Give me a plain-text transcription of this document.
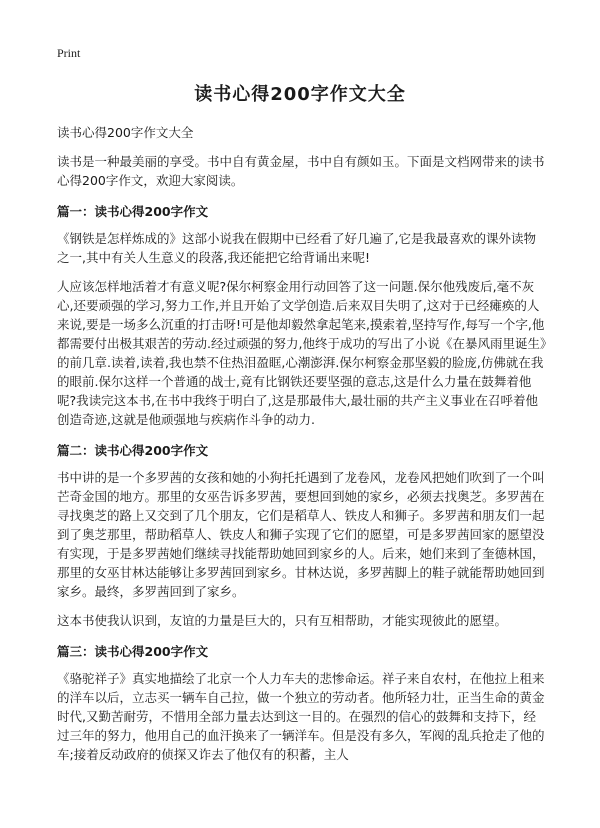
Print
读书心得200字作文大全

读书心得200字作文大全

读书是一种最美丽的享受。书中自有黄金屋，书中自有颜如玉。下面是文档网带来的读书心得200字作文，欢迎大家阅读。

篇一：读书心得200字作文

《钢铁是怎样炼成的》这部小说我在假期中已经看了好几遍了,它是我最喜欢的课外读物之一,其中有关人生意义的段落,我还能把它给背诵出来呢!

人应该怎样地活着才有意义呢?保尔柯察金用行动回答了这一问题.保尔他残废后,毫不灰心,还要顽强的学习,努力工作,并且开始了文学创造.后来双目失明了,这对于已经瘫痪的人来说,要是一场多么沉重的打击呀!可是他却毅然拿起笔来,摸索着,坚持写作,每写一个字,他都需要付出极其艰苦的劳动.经过顽强的努力,他终于成功的写出了小说《在暴风雨里诞生》的前几章.读着,读着,我也禁不住热泪盈眶,心潮澎湃.保尔柯察金那坚毅的脸庞,仿佛就在我的眼前.保尔这样一个普通的战士,竟有比钢铁还要坚强的意志,这是什么力量在鼓舞着他呢?我读完这本书,在书中我终于明白了,这是那最伟大,最壮丽的共产主义事业在召呼着他创造奇迹,这就是他顽强地与疾病作斗争的动力.

篇二：读书心得200字作文

书中讲的是一个多罗茜的女孩和她的小狗托托遇到了龙卷风，龙卷风把她们吹到了一个叫芒奇金国的地方。那里的女巫告诉多罗茜，要想回到她的家乡，必须去找奥芝。多罗茜在寻找奥芝的路上又交到了几个朋友，它们是稻草人、铁皮人和狮子。多罗茜和朋友们一起到了奥芝那里，帮助稻草人、铁皮人和狮子实现了它们的愿望，可是多罗茜回家的愿望没有实现，于是多罗茜她们继续寻找能帮助她回到家乡的人。后来，她们来到了奎德林国，那里的女巫甘林达能够让多罗茜回到家乡。甘林达说，多罗茜脚上的鞋子就能帮助她回到家乡。最终，多罗茜回到了家乡。

这本书使我认识到，友谊的力量是巨大的，只有互相帮助，才能实现彼此的愿望。

篇三：读书心得200字作文

《骆驼祥子》真实地描绘了北京一个人力车夫的悲惨命运。祥子来自农村，在他拉上租来的洋车以后，立志买一辆车自己拉，做一个独立的劳动者。他所轻力壮，正当生命的黄金时代,又勤苦耐劳，不惜用全部力量去达到这一目的。在强烈的信心的鼓舞和支持下，经过三年的努力，他用自己的血汗换来了一辆洋车。但是没有多久，军阀的乱兵抢走了他的车;接着反动政府的侦探又诈去了他仅有的积蓄，主人
